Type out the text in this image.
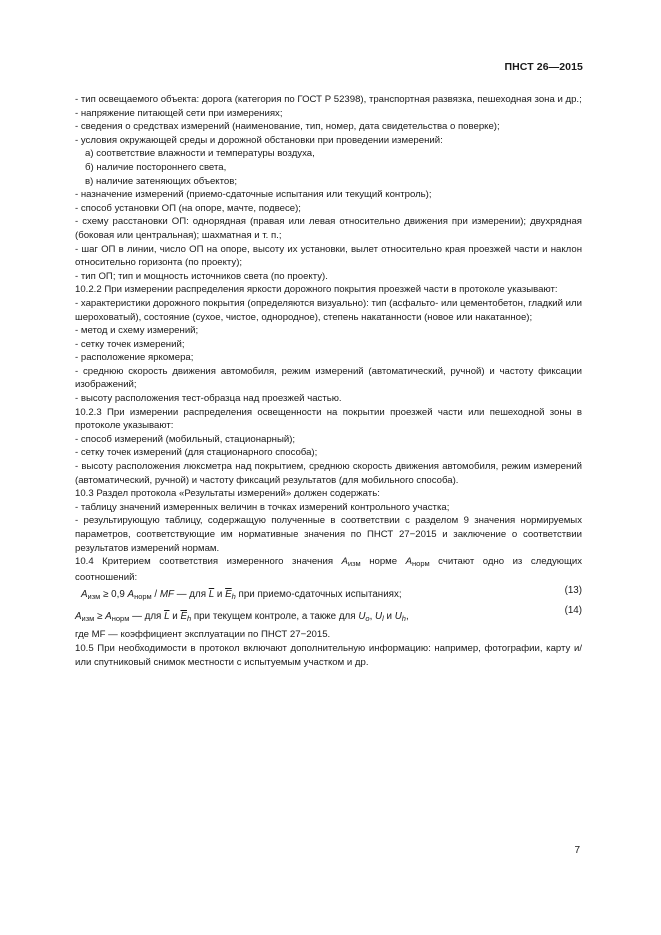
ПНСТ 26—2015

- тип освещаемого объекта: дорога (категория по ГОСТ Р 52398), транспортная развязка, пешеходная зона и др.;

- напряжение питающей сети при измерениях;

- сведения о средствах измерений (наименование, тип, номер, дата свидетельства о поверке);

- условия окружающей среды и дорожной обстановки при проведении измерений:

а) соответствие влажности и температуры воздуха,

б) наличие постороннего света,

в) наличие затеняющих объектов;

- назначение измерений (приемо-сдаточные испытания или текущий контроль);

- способ установки ОП (на опоре, мачте, подвесе);

- схему расстановки ОП: однорядная (правая или левая относительно движения при измерении); двухрядная (боковая или центральная); шахматная и т. п.;

- шаг ОП в линии, число ОП на опоре, высоту их установки, вылет относительно края проезжей части и наклон относительно горизонта (по проекту);

- тип ОП; тип и мощность источников света (по проекту).

10.2.2 При измерении распределения яркости дорожного покрытия проезжей части в протоколе указывают:

- характеристики дорожного покрытия (определяются визуально): тип (асфальто- или цементобетон, гладкий или шероховатый), состояние (сухое, чистое, однородное), степень накатанности (новое или накатанное);

- метод и схему измерений;

- сетку точек измерений;

- расположение яркомера;

- среднюю скорость движения автомобиля, режим измерений (автоматический, ручной) и частоту фиксации изображений;

- высоту расположения тест-образца над проезжей частью.

10.2.3 При измерении распределения освещенности на покрытии проезжей части или пешеходной зоны в протоколе указывают:

- способ измерений (мобильный, стационарный);

- сетку точек измерений (для стационарного способа);

- высоту расположения люксметра над покрытием, среднюю скорость движения автомобиля, режим измерений (автоматический, ручной) и частоту фиксаций результатов (для мобильного способа).

10.3 Раздел протокола «Результаты измерений» должен содержать:

- таблицу значений измеренных величин в точках измерений контрольного участка;

- результирующую таблицу, содержащую полученные в соответствии с разделом 9 значения нормируемых параметров, соответствующие им нормативные значения по ПНСТ 27−2015 и заключение о соответствии результатов измерений нормам.

10.4 Критерием соответствия измеренного значения $A_{изм}$ норме $A_{норм}$ считают одно из следующих соотношений:

$A_{изм} \ge 0,9$ $A_{норм}$ / MF — для $\overline{L}$ и $\overline{E}_h$ при приемо-сдаточных испытаниях;	(13)
$A_{изм} \ge A_{норм}$ — для $\overline{L}$ и $\overline{E}_h$ при текущем контроле, а также для $U_o$, $U_l$ и $U_h$,
(14)

где MF — коэффициент эксплуатации по ПНСТ 27−2015.

10.5 При необходимости в протокол включают дополнительную информацию: например, фотографии, карту и/или спутниковый снимок местности с испытуемым участком и др.

7
